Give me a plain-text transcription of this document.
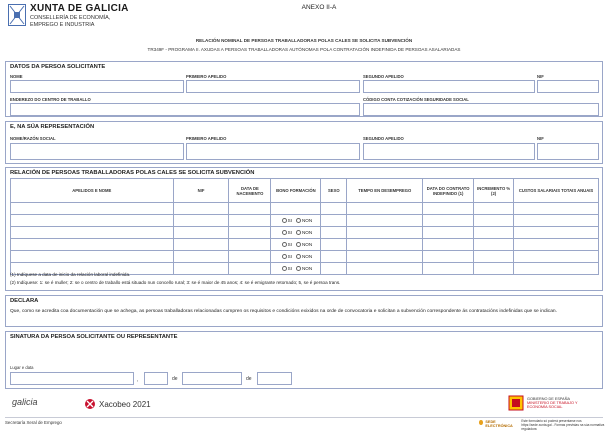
XUNTA DE GALICIA
CONSELLERÍA DE ECONOMÍA,
EMPREGO E INDUSTRIA
ANEXO II-A
RELACIÓN NOMINAL DE PERSOAS TRABALLADORAS POLAS CALES SE SOLICITA SUBVENCIÓN
TR349F - PROGRAMA II. AXUDAS A PERSOAS TRABALLADORAS AUTÓNOMAS POLA CONTRATACIÓN INDEFINIDA DE PERSOAS ASALARIADAS
DATOS DA PERSOA SOLICITANTE
NOME	PRIMEIRO APELIDO	SEGUNDO APELIDO	NIF
ENDEREZO DO CENTRO DE TRABALLO	CÓDIGO CONTA COTIZACIÓN SEGURIDADE SOCIAL
E, NA SÚA REPRESENTACIÓN
NOME/RAZÓN SOCIAL	PRIMEIRO APELIDO	SEGUNDO APELIDO	NIF
RELACIÓN DE PERSOAS TRABALLADORAS POLAS CALES SE SOLICITA SUBVENCIÓN
APELIDOS E NOME	NIF	DATA DE NACEMENTO	BONO FORMACIÓN	SEXO	TEMPO EN DESEMPREGO	DATA DO CONTRATO INDEFINIDO (1)	INCREMENTO % (2)	CUSTOS SALARIAIS TOTAIS ANUAIS

			SI NON					
			SI NON					
			SI NON					
			SI NON					
			SI NON					
(1) Indíquese a data de inicio da relación laboral indefinida.
(2) Indíquese: 1: se é muller; 2: se o centro de traballo está situado nun concello rural; 3: se é maior de 45 anos; 4: se é emigrante retornado; 5, se é persoa trans.
DECLARA
Que, como se acredita coa documentación que se achega, as persoas traballadoras relacionadas cumpren os requisitos e condicións exixidos na orde de convocatoria e solicitan a subvención correspondente ás contratacións indefinidas que se indican.
SINATURA DA PERSOA SOLICITANTE OU REPRESENTANTE
Lugar e data
,	de	de
galicia	Xacobeo 2021
GOBIERNO DE ESPAÑA
MINISTERIO DE TRABAJO Y ECONOMÍA SOCIAL
Secretaría Xeral de Emprego	SEDE ELECTRÓNICA
Este formulario só poderá presentarse nos
https://sede.xunta.gal - Formas previstas na súa normativa reguladora
